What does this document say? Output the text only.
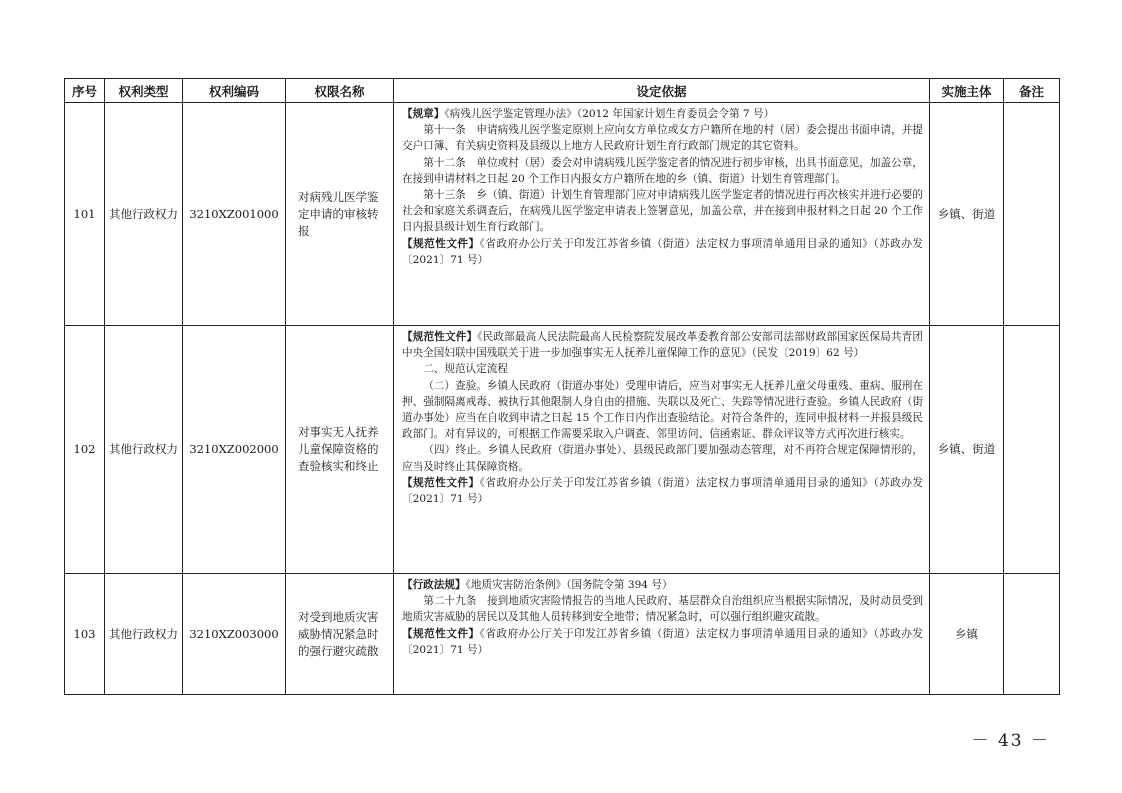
序号	权利类型	权利编码	权限名称	设定依据	实施主体	备注
101	其他行政权力	3210XZ001000	对病残儿医学鉴定申请的审核转报	【规章】《病残儿医学鉴定管理办法》（2012 年国家计划生育委员会令第 7 号）

第十一条　申请病残儿医学鉴定原则上应向女方单位或女方户籍所在地的村（居）委会提出书面申请，并提交户口簿、有关病史资料及县级以上地方人民政府计划生育行政部门规定的其它资料。

第十二条　单位或村（居）委会对申请病残儿医学鉴定者的情况进行初步审核，出具书面意见，加盖公章，在接到申请材料之日起 20 个工作日内报女方户籍所在地的乡（镇、街道）计划生育管理部门。

第十三条　乡（镇、街道）计划生育管理部门应对申请病残儿医学鉴定者的情况进行再次核实并进行必要的社会和家庭关系调查后，在病残儿医学鉴定申请表上签署意见，加盖公章，并在接到申报材料之日起 20 个工作日内报县级计划生育行政部门。

【规范性文件】《省政府办公厅关于印发江苏省乡镇（街道）法定权力事项清单通用目录的通知》（苏政办发〔2021〕71 号）	乡镇、街道	
102	其他行政权力	3210XZ002000	对事实无人抚养儿童保障资格的查验核实和终止	【规范性文件】《民政部最高人民法院最高人民检察院发展改革委教育部公安部司法部财政部国家医保局共青团中央全国妇联中国残联关于进一步加强事实无人抚养儿童保障工作的意见》（民发〔2019〕62 号）

二、规范认定流程

（二）查验。乡镇人民政府（街道办事处）受理申请后，应当对事实无人抚养儿童父母重残、重病、服刑在押、强制隔离戒毒、被执行其他限制人身自由的措施、失联以及死亡、失踪等情况进行查验。乡镇人民政府（街道办事处）应当在自收到申请之日起 15 个工作日内作出查验结论。对符合条件的，连同申报材料一并报县级民政部门。对有异议的，可根据工作需要采取入户调查、邻里访问、信函索证、群众评议等方式再次进行核实。

（四）终止。乡镇人民政府（街道办事处）、县级民政部门要加强动态管理，对不再符合规定保障情形的，应当及时终止其保障资格。

【规范性文件】《省政府办公厅关于印发江苏省乡镇（街道）法定权力事项清单通用目录的通知》（苏政办发〔2021〕71 号）	乡镇、街道	
103	其他行政权力	3210XZ003000	对受到地质灾害威胁情况紧急时的强行避灾疏散	【行政法规】《地质灾害防治条例》（国务院令第 394 号）

第二十九条　接到地质灾害险情报告的当地人民政府、基层群众自治组织应当根据实际情况，及时动员受到地质灾害威胁的居民以及其他人员转移到安全地带；情况紧急时，可以强行组织避灾疏散。

【规范性文件】《省政府办公厅关于印发江苏省乡镇（街道）法定权力事项清单通用目录的通知》（苏政办发〔2021〕71 号）	乡镇	
－ 43 －
